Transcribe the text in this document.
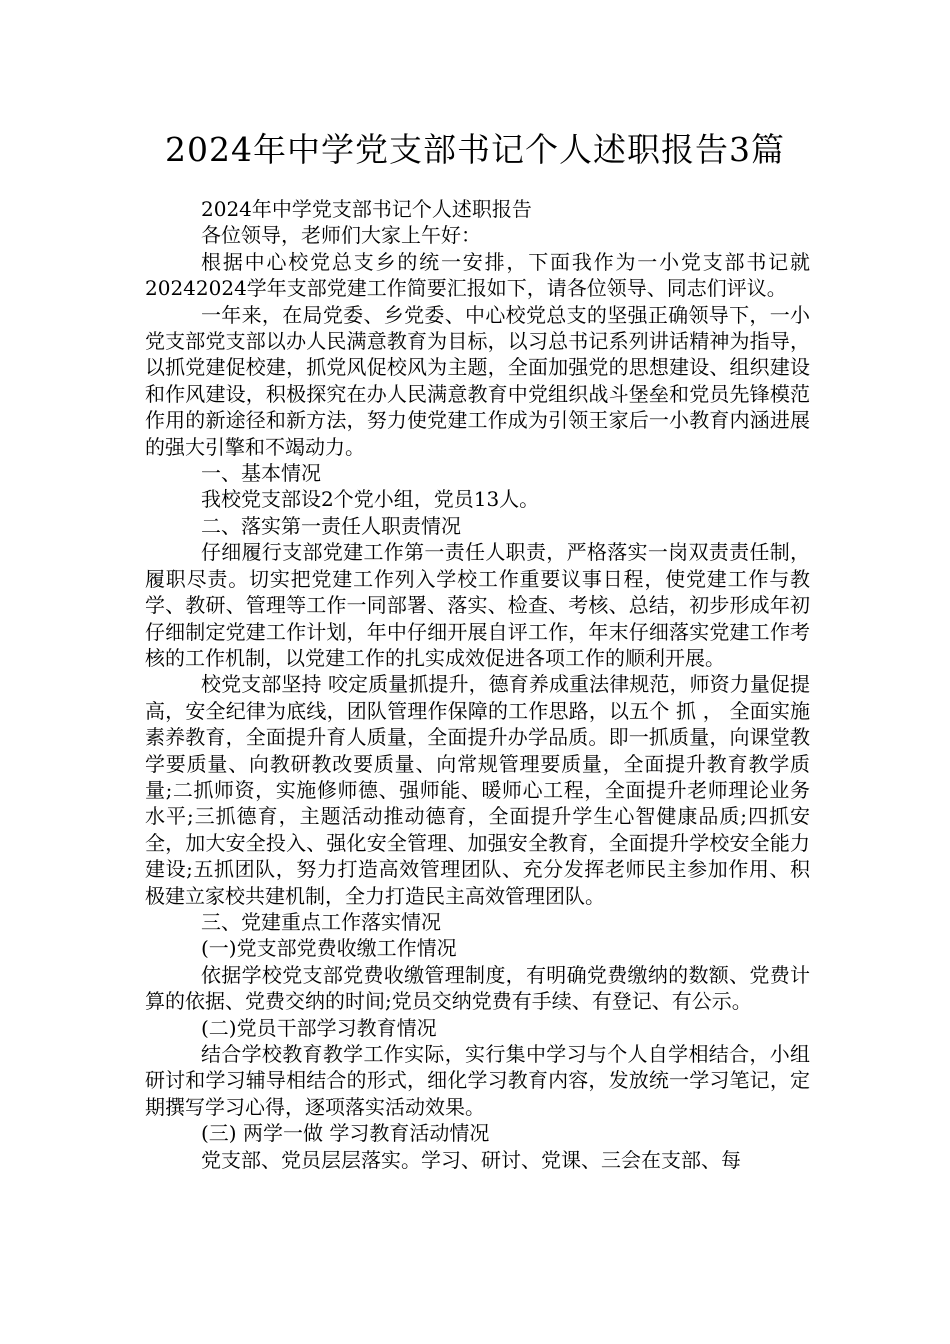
2024年中学党支部书记个人述职报告3篇

2024年中学党支部书记个人述职报告

各位领导，老师们大家上午好：

根据中心校党总支乡的统一安排，下面我作为一小党支部书记就20242024学年支部党建工作简要汇报如下，请各位领导、同志们评议。

一年来，在局党委、乡党委、中心校党总支的坚强正确领导下，一小党支部党支部以办人民满意教育为目标，以习总书记系列讲话精神为指导，以抓党建促校建，抓党风促校风为主题，全面加强党的思想建设、组织建设和作风建设，积极探究在办人民满意教育中党组织战斗堡垒和党员先锋模范作用的新途径和新方法，努力使党建工作成为引领王家后一小教育内涵进展的强大引擎和不竭动力。

一、基本情况

我校党支部设2个党小组，党员13人。

二、落实第一责任人职责情况

仔细履行支部党建工作第一责任人职责，严格落实一岗双责责任制，履职尽责。切实把党建工作列入学校工作重要议事日程，使党建工作与教学、教研、管理等工作一同部署、落实、检查、考核、总结，初步形成年初仔细制定党建工作计划，年中仔细开展自评工作，年末仔细落实党建工作考核的工作机制，以党建工作的扎实成效促进各项工作的顺利开展。

校党支部坚持 咬定质量抓提升，德育养成重法律规范，师资力量促提高，安全纪律为底线，团队管理作保障的工作思路，以五个 抓 ， 全面实施素养教育，全面提升育人质量，全面提升办学品质。即一抓质量，向课堂教学要质量、向教研教改要质量、向常规管理要质量，全面提升教育教学质量;二抓师资，实施修师德、强师能、暖师心工程，全面提升老师理论业务水平;三抓德育，主题活动推动德育，全面提升学生心智健康品质;四抓安全，加大安全投入、强化安全管理、加强安全教育，全面提升学校安全能力建设;五抓团队，努力打造高效管理团队、充分发挥老师民主参加作用、积极建立家校共建机制，全力打造民主高效管理团队。

三、党建重点工作落实情况

(一)党支部党费收缴工作情况

依据学校党支部党费收缴管理制度，有明确党费缴纳的数额、党费计算的依据、党费交纳的时间;党员交纳党费有手续、有登记、有公示。

(二)党员干部学习教育情况

结合学校教育教学工作实际，实行集中学习与个人自学相结合，小组研讨和学习辅导相结合的形式，细化学习教育内容，发放统一学习笔记，定期撰写学习心得，逐项落实活动效果。

(三) 两学一做 学习教育活动情况

党支部、党员层层落实。学习、研讨、党课、三会在支部、每
